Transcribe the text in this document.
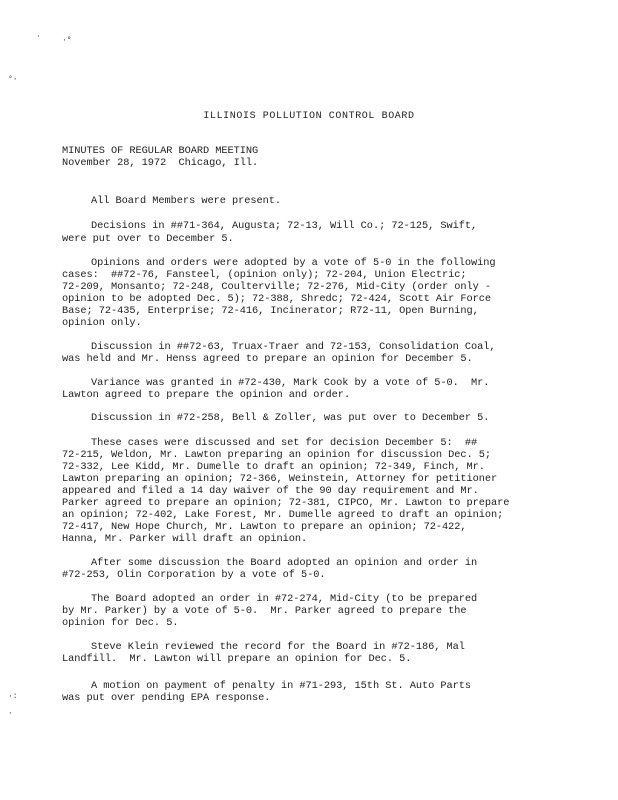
·	·°
°·
·:
·
ILLINOIS POLLUTION CONTROL BOARD
MINUTES OF REGULAR BOARD MEETING
November 28, 1972  Chicago, Ill.
All Board Members were present.
Decisions in ##71-364, Augusta; 72-13, Will Co.; 72-125, Swift,
were put over to December 5.
Opinions and orders were adopted by a vote of 5-0 in the following
cases:  ##72-76, Fansteel, (opinion only); 72-204, Union Electric;
72-209, Monsanto; 72-248, Coulterville; 72-276, Mid-City (order only -
opinion to be adopted Dec. 5); 72-388, Shredc; 72-424, Scott Air Force
Base; 72-435, Enterprise; 72-416, Incinerator; R72-11, Open Burning,
opinion only.
Discussion in ##72-63, Truax-Traer and 72-153, Consolidation Coal,
was held and Mr. Henss agreed to prepare an opinion for December 5.
Variance was granted in #72-430, Mark Cook by a vote of 5-0.  Mr.
Lawton agreed to prepare the opinion and order.
Discussion in #72-258, Bell & Zoller, was put over to December 5.
These cases were discussed and set for decision December 5:  ##
72-215, Weldon, Mr. Lawton preparing an opinion for discussion Dec. 5;
72-332, Lee Kidd, Mr. Dumelle to draft an opinion; 72-349, Finch, Mr.
Lawton preparing an opinion; 72-366, Weinstein, Attorney for petitioner
appeared and filed a 14 day waiver of the 90 day requirement and Mr.
Parker agreed to prepare an opinion; 72-381, CIPCO, Mr. Lawton to prepare
an opinion; 72-402, Lake Forest, Mr. Dumelle agreed to draft an opinion;
72-417, New Hope Church, Mr. Lawton to prepare an opinion; 72-422,
Hanna, Mr. Parker will draft an opinion.
After some discussion the Board adopted an opinion and order in
#72-253, Olin Corporation by a vote of 5-0.
The Board adopted an order in #72-274, Mid-City (to be prepared
by Mr. Parker) by a vote of 5-0.  Mr. Parker agreed to prepare the
opinion for Dec. 5.
Steve Klein reviewed the record for the Board in #72-186, Mal
Landfill.  Mr. Lawton will prepare an opinion for Dec. 5.
A motion on payment of penalty in #71-293, 15th St. Auto Parts
was put over pending EPA response.
